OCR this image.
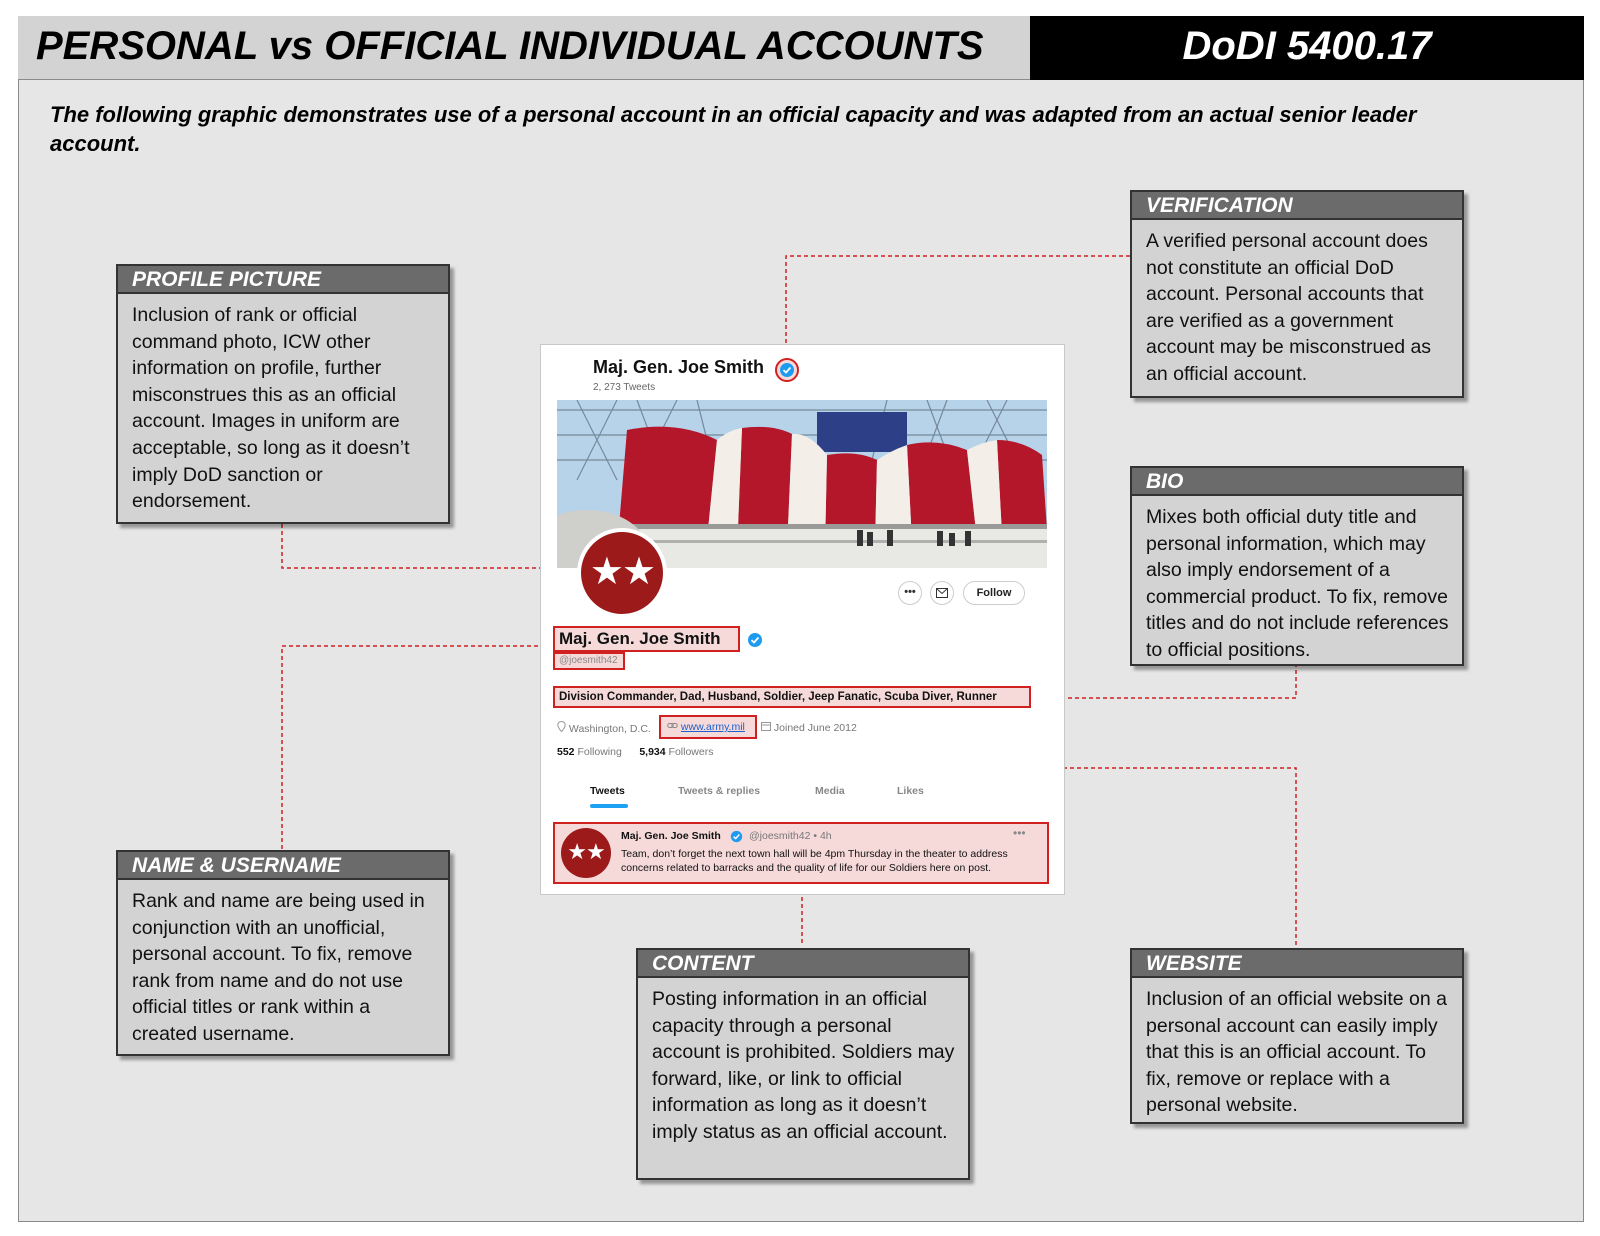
PERSONAL vs OFFICIAL INDIVIDUAL ACCOUNTS	DoDI 5400.17
The following graphic demonstrates use of a personal account in an official capacity and was adapted from an actual senior leader account.
PROFILE PICTURE
Inclusion of rank or official command photo, ICW other information on profile, further misconstrues this as an official account. Images in uniform are acceptable, so long as it doesn’t imply DoD sanction or endorsement.
VERIFICATION
A verified personal account does not constitute an official DoD account. Personal accounts that are verified as a government account may be misconstrued as an official account.
BIO
Mixes both official duty title and personal information, which may also imply endorsement of a commercial product. To fix, remove titles and do not include references to official positions.
NAME & USERNAME
Rank and name are being used in conjunction with an unofficial, personal account. To fix, remove rank from name and do not use official titles or rank within a created username.
CONTENT
Posting information in an official capacity through a personal account is prohibited. Soldiers may forward, like, or link to official information as long as it doesn’t imply status as an official account.
WEBSITE
Inclusion of an official website on a personal account can easily imply that this is an official account. To fix, remove or replace with a personal website.
Maj. Gen. Joe Smith
2, 273 Tweets
★★	•••	Follow
Maj. Gen. Joe Smith
@joesmith42
Division Commander, Dad, Husband, Soldier, Jeep Fanatic, Scuba Diver, Runner
Washington, D.C.	www.army.mil	Joined June 2012
552 Following 5,934 Followers
Tweets	Tweets & replies	Media	Likes
★★
Maj. Gen. Joe Smith	@joesmith42 • 4h	•••
Team, don’t forget the next town hall will be 4pm Thursday in the theater to address concerns related to barracks and the quality of life for our Soldiers here on post.
